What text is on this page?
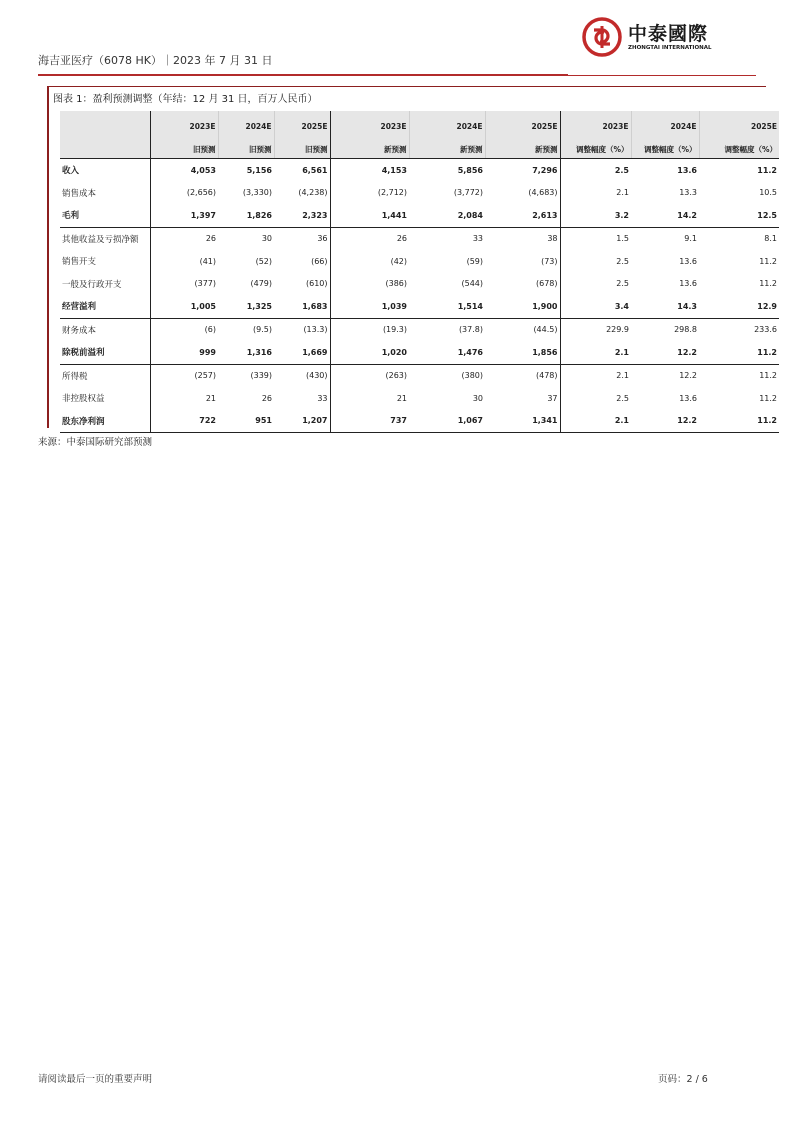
海吉亚医疗（6078 HK）｜2023 年 7 月 31 日
中泰國際
ZHONGTAI INTERNATIONAL
图表 1：盈利预测调整（年结：12 月 31 日，百万人民币）
	2023E	2024E	2025E	2023E	2024E	2025E	2023E	2024E	2025E
	旧预测	旧预测	旧预测	新预测	新预测	新预测	调整幅度（%）	调整幅度（%）	调整幅度（%）
收入	4,053	5,156	6,561	4,153	5,856	7,296	2.5	13.6	11.2
销售成本	(2,656)	(3,330)	(4,238)	(2,712)	(3,772)	(4,683)	2.1	13.3	10.5
毛利	1,397	1,826	2,323	1,441	2,084	2,613	3.2	14.2	12.5
其他收益及亏损净额	26	30	36	26	33	38	1.5	9.1	8.1
销售开支	(41)	(52)	(66)	(42)	(59)	(73)	2.5	13.6	11.2
一般及行政开支	(377)	(479)	(610)	(386)	(544)	(678)	2.5	13.6	11.2
经营溢利	1,005	1,325	1,683	1,039	1,514	1,900	3.4	14.3	12.9
财务成本	(6)	(9.5)	(13.3)	(19.3)	(37.8)	(44.5)	229.9	298.8	233.6
除税前溢利	999	1,316	1,669	1,020	1,476	1,856	2.1	12.2	11.2
所得税	(257)	(339)	(430)	(263)	(380)	(478)	2.1	12.2	11.2
非控股权益	21	26	33	21	30	37	2.5	13.6	11.2
股东净利润	722	951	1,207	737	1,067	1,341	2.1	12.2	11.2
来源：中泰国际研究部预测
请阅读最后一页的重要声明	页码：2 / 6
